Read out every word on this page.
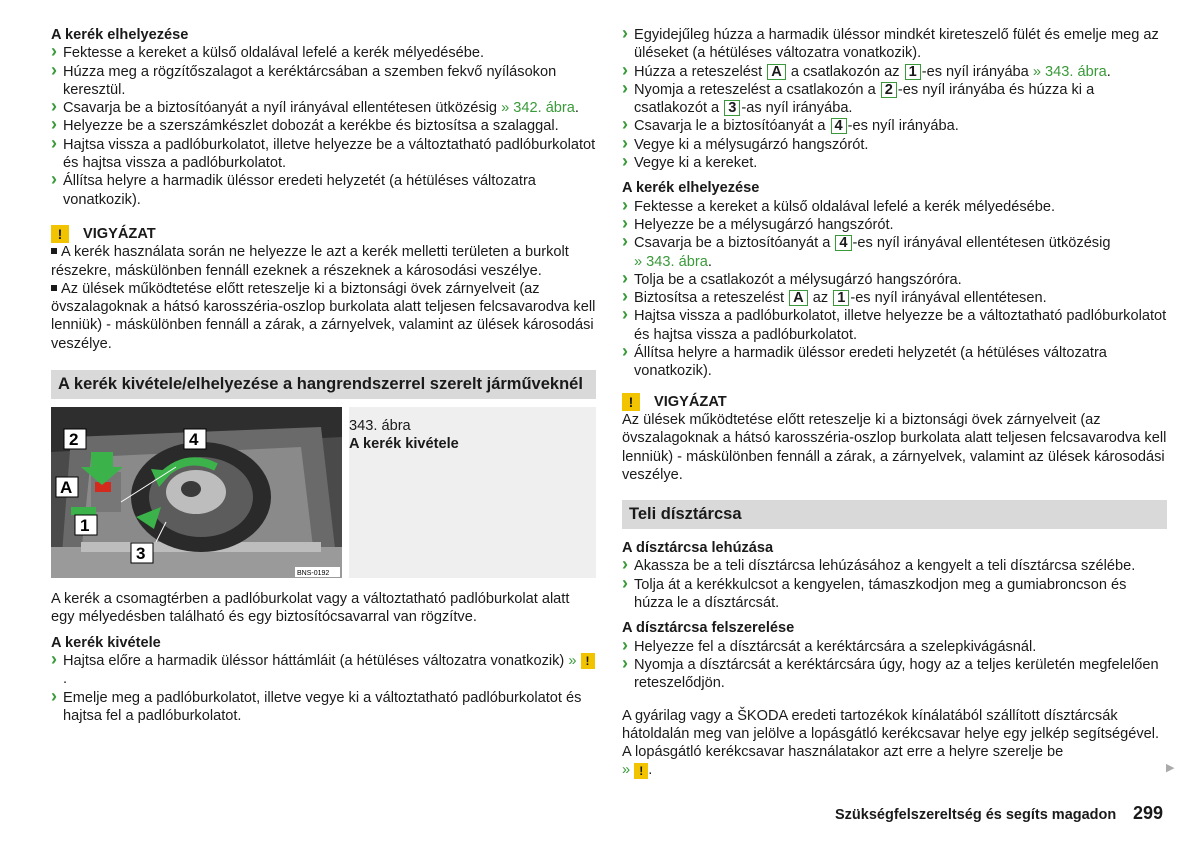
A kerék elhelyezése
› Fektesse a kereket a külső oldalával lefelé a kerék mélyedésébe.
› Húzza meg a rögzítőszalagot a keréktárcsában a szemben fekvő nyílásokon keresztül.
› Csavarja be a biztosítóanyát a nyíl irányával ellentétesen ütközésig » 342. ábra.
› Helyezze be a szerszámkészlet dobozát a kerékbe és biztosítsa a szalaggal.
› Hajtsa vissza a padlóburkolatot, illetve helyezze be a változtatható padlóburkolatot és hajtsa vissza a padlóburkolatot.
› Állítsa helyre a harmadik üléssor eredeti helyzetét (a hétüléses változatra vonatkozik).
!	VIGYÁZAT
A kerék használata során ne helyezze le azt a kerék melletti területen a burkolt részekre, máskülönben fennáll ezeknek a részeknek a károsodási veszélye.
Az ülések működtetése előtt reteszelje ki a biztonsági övek zárnyelveit (az övszalagoknak a hátsó karosszéria-oszlop burkolata alatt teljesen felcsavarodva kell lenniük) - máskülönben fennáll a zárak, a zárnyelvek, valamint az ülések károsodási veszélye.
A kerék kivétele/elhelyezése a hangrendszerrel szerelt járműveknél
2	4
A
1
3
BNS-0192
343. ábra
A kerék kivétele
A kerék a csomagtérben a padlóburkolat vagy a változtatható padlóburkolat alatt egy mélyedésben található és egy biztosítócsavarral van rögzítve.
A kerék kivétele
› Hajtsa előre a harmadik üléssor háttámláit (a hétüléses változatra vonatkozik) » !.
› Emelje meg a padlóburkolatot, illetve vegye ki a változtatható padlóburkolatot és hajtsa fel a padlóburkolatot.
› Egyidejűleg húzza a harmadik üléssor mindkét kireteszelő fülét és emelje meg az üléseket (a hétüléses változatra vonatkozik).
› Húzza a reteszelést A a csatlakozón az 1 -es nyíl irányába » 343. ábra.
› Nyomja a reteszelést a csatlakozón a 2 -es nyíl irányába és húzza ki a csatlakozót a 3 -as nyíl irányába.
› Csavarja le a biztosítóanyát a 4 -es nyíl irányába.
› Vegye ki a mélysugárzó hangszórót.
› Vegye ki a kereket.
A kerék elhelyezése
› Fektesse a kereket a külső oldalával lefelé a kerék mélyedésébe.
› Helyezze be a mélysugárzó hangszórót.
› Csavarja be a biztosítóanyát a 4 -es nyíl irányával ellentétesen ütközésig
» 343. ábra.
› Tolja be a csatlakozót a mélysugárzó hangszóróra.
› Biztosítsa a reteszelést A az 1 -es nyíl irányával ellentétesen.
› Hajtsa vissza a padlóburkolatot, illetve helyezze be a változtatható padlóburkolatot és hajtsa vissza a padlóburkolatot.
› Állítsa helyre a harmadik üléssor eredeti helyzetét (a hétüléses változatra vonatkozik).
!	VIGYÁZAT
Az ülések működtetése előtt reteszelje ki a biztonsági övek zárnyelveit (az övszalagoknak a hátsó karosszéria-oszlop burkolata alatt teljesen felcsavarodva kell lenniük) - máskülönben fennáll a zárak, a zárnyelvek, valamint az ülések károsodási veszélye.
Teli dísztárcsa
A dísztárcsa lehúzása
› Akassza be a teli dísztárcsa lehúzásához a kengyelt a teli dísztárcsa szélébe.
› Tolja át a kerékkulcsot a kengyelen, támaszkodjon meg a gumiabroncson és húzza le a dísztárcsát.
A dísztárcsa felszerelése
› Helyezze fel a dísztárcsát a keréktárcsára a szelepkivágásnál.
› Nyomja a dísztárcsát a keréktárcsára úgy, hogy az a teljes kerületén megfelelően reteszelődjön.
A gyárilag vagy a ŠKODA eredeti tartozékok kínálatából szállított dísztárcsák hátoldalán meg van jelölve a lopásgátló kerékcsavar helye egy jelkép segítségével. A lopásgátló kerékcsavar használatakor azt erre a helyre szerelje be
» ! .	▶
Szükségfelszereltség és segíts magadon 299
